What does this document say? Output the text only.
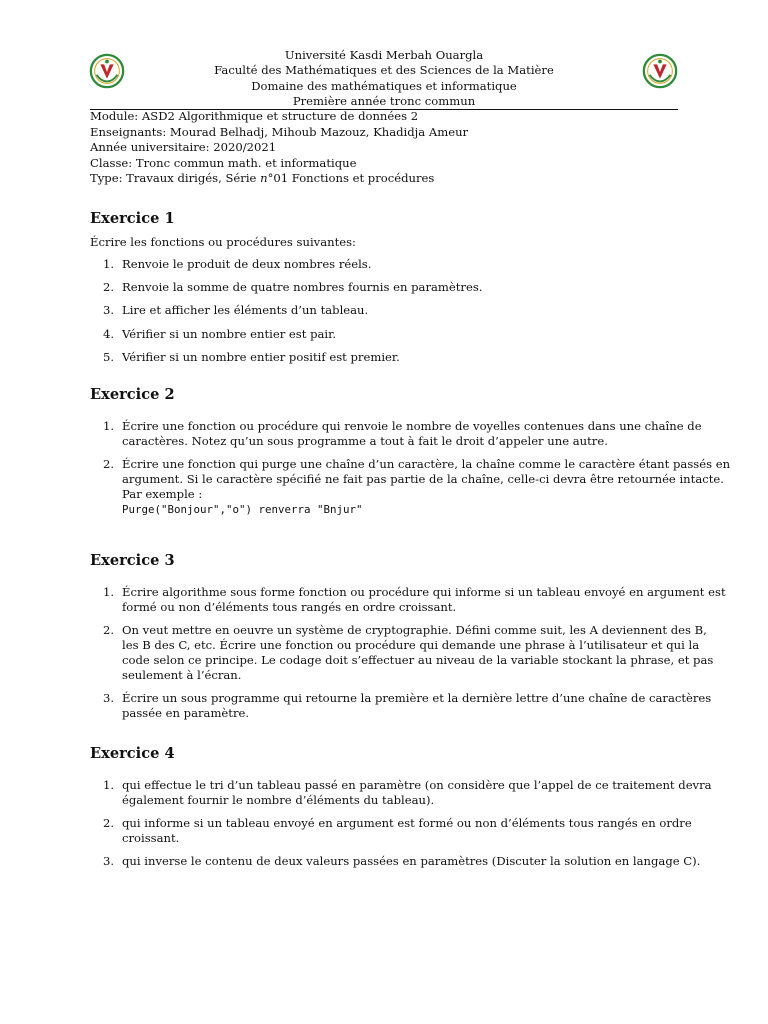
Université Kasdi Merbah Ouargla
Faculté des Mathématiques et des Sciences de la Matière
Domaine des mathématiques et informatique
Première année tronc commun
Module: ASD2 Algorithmique et structure de données 2
Enseignants: Mourad Belhadj, Mihoub Mazouz, Khadidja Ameur
Année universitaire: 2020/2021
Classe: Tronc commun math. et informatique
Type: Travaux dirigés, Série n°01 Fonctions et procédures
Exercice 1
Écrire les fonctions ou procédures suivantes:
1. Renvoie le produit de deux nombres réels.
2. Renvoie la somme de quatre nombres fournis en paramètres.
3. Lire et afficher les éléments d’un tableau.
4. Vérifier si un nombre entier est pair.
5. Vérifier si un nombre entier positif est premier.
Exercice 2
1. Écrire une fonction ou procédure qui renvoie le nombre de voyelles contenues dans une chaîne de
caractères. Notez qu’un sous programme a tout à fait le droit d’appeler une autre.
2. Écrire une fonction qui purge une chaîne d’un caractère, la chaîne comme le caractère étant passés en
argument. Si le caractère spécifié ne fait pas partie de la chaîne, celle-ci devra être retournée intacte.
Par exemple :
Purge("Bonjour","o") renverra "Bnjur"
Exercice 3
1. Écrire algorithme sous forme fonction ou procédure qui informe si un tableau envoyé en argument est
formé ou non d’éléments tous rangés en ordre croissant.
2. On veut mettre en oeuvre un système de cryptographie. Défini comme suit, les A deviennent des B,
les B des C, etc. Écrire une fonction ou procédure qui demande une phrase à l’utilisateur et qui la
code selon ce principe. Le codage doit s’effectuer au niveau de la variable stockant la phrase, et pas
seulement à l’écran.
3. Écrire un sous programme qui retourne la première et la dernière lettre d’une chaîne de caractères
passée en paramètre.
Exercice 4
1. qui effectue le tri d’un tableau passé en paramètre (on considère que l’appel de ce traitement devra
également fournir le nombre d’éléments du tableau).
2. qui informe si un tableau envoyé en argument est formé ou non d’éléments tous rangés en ordre
croissant.
3. qui inverse le contenu de deux valeurs passées en paramètres (Discuter la solution en langage C).
